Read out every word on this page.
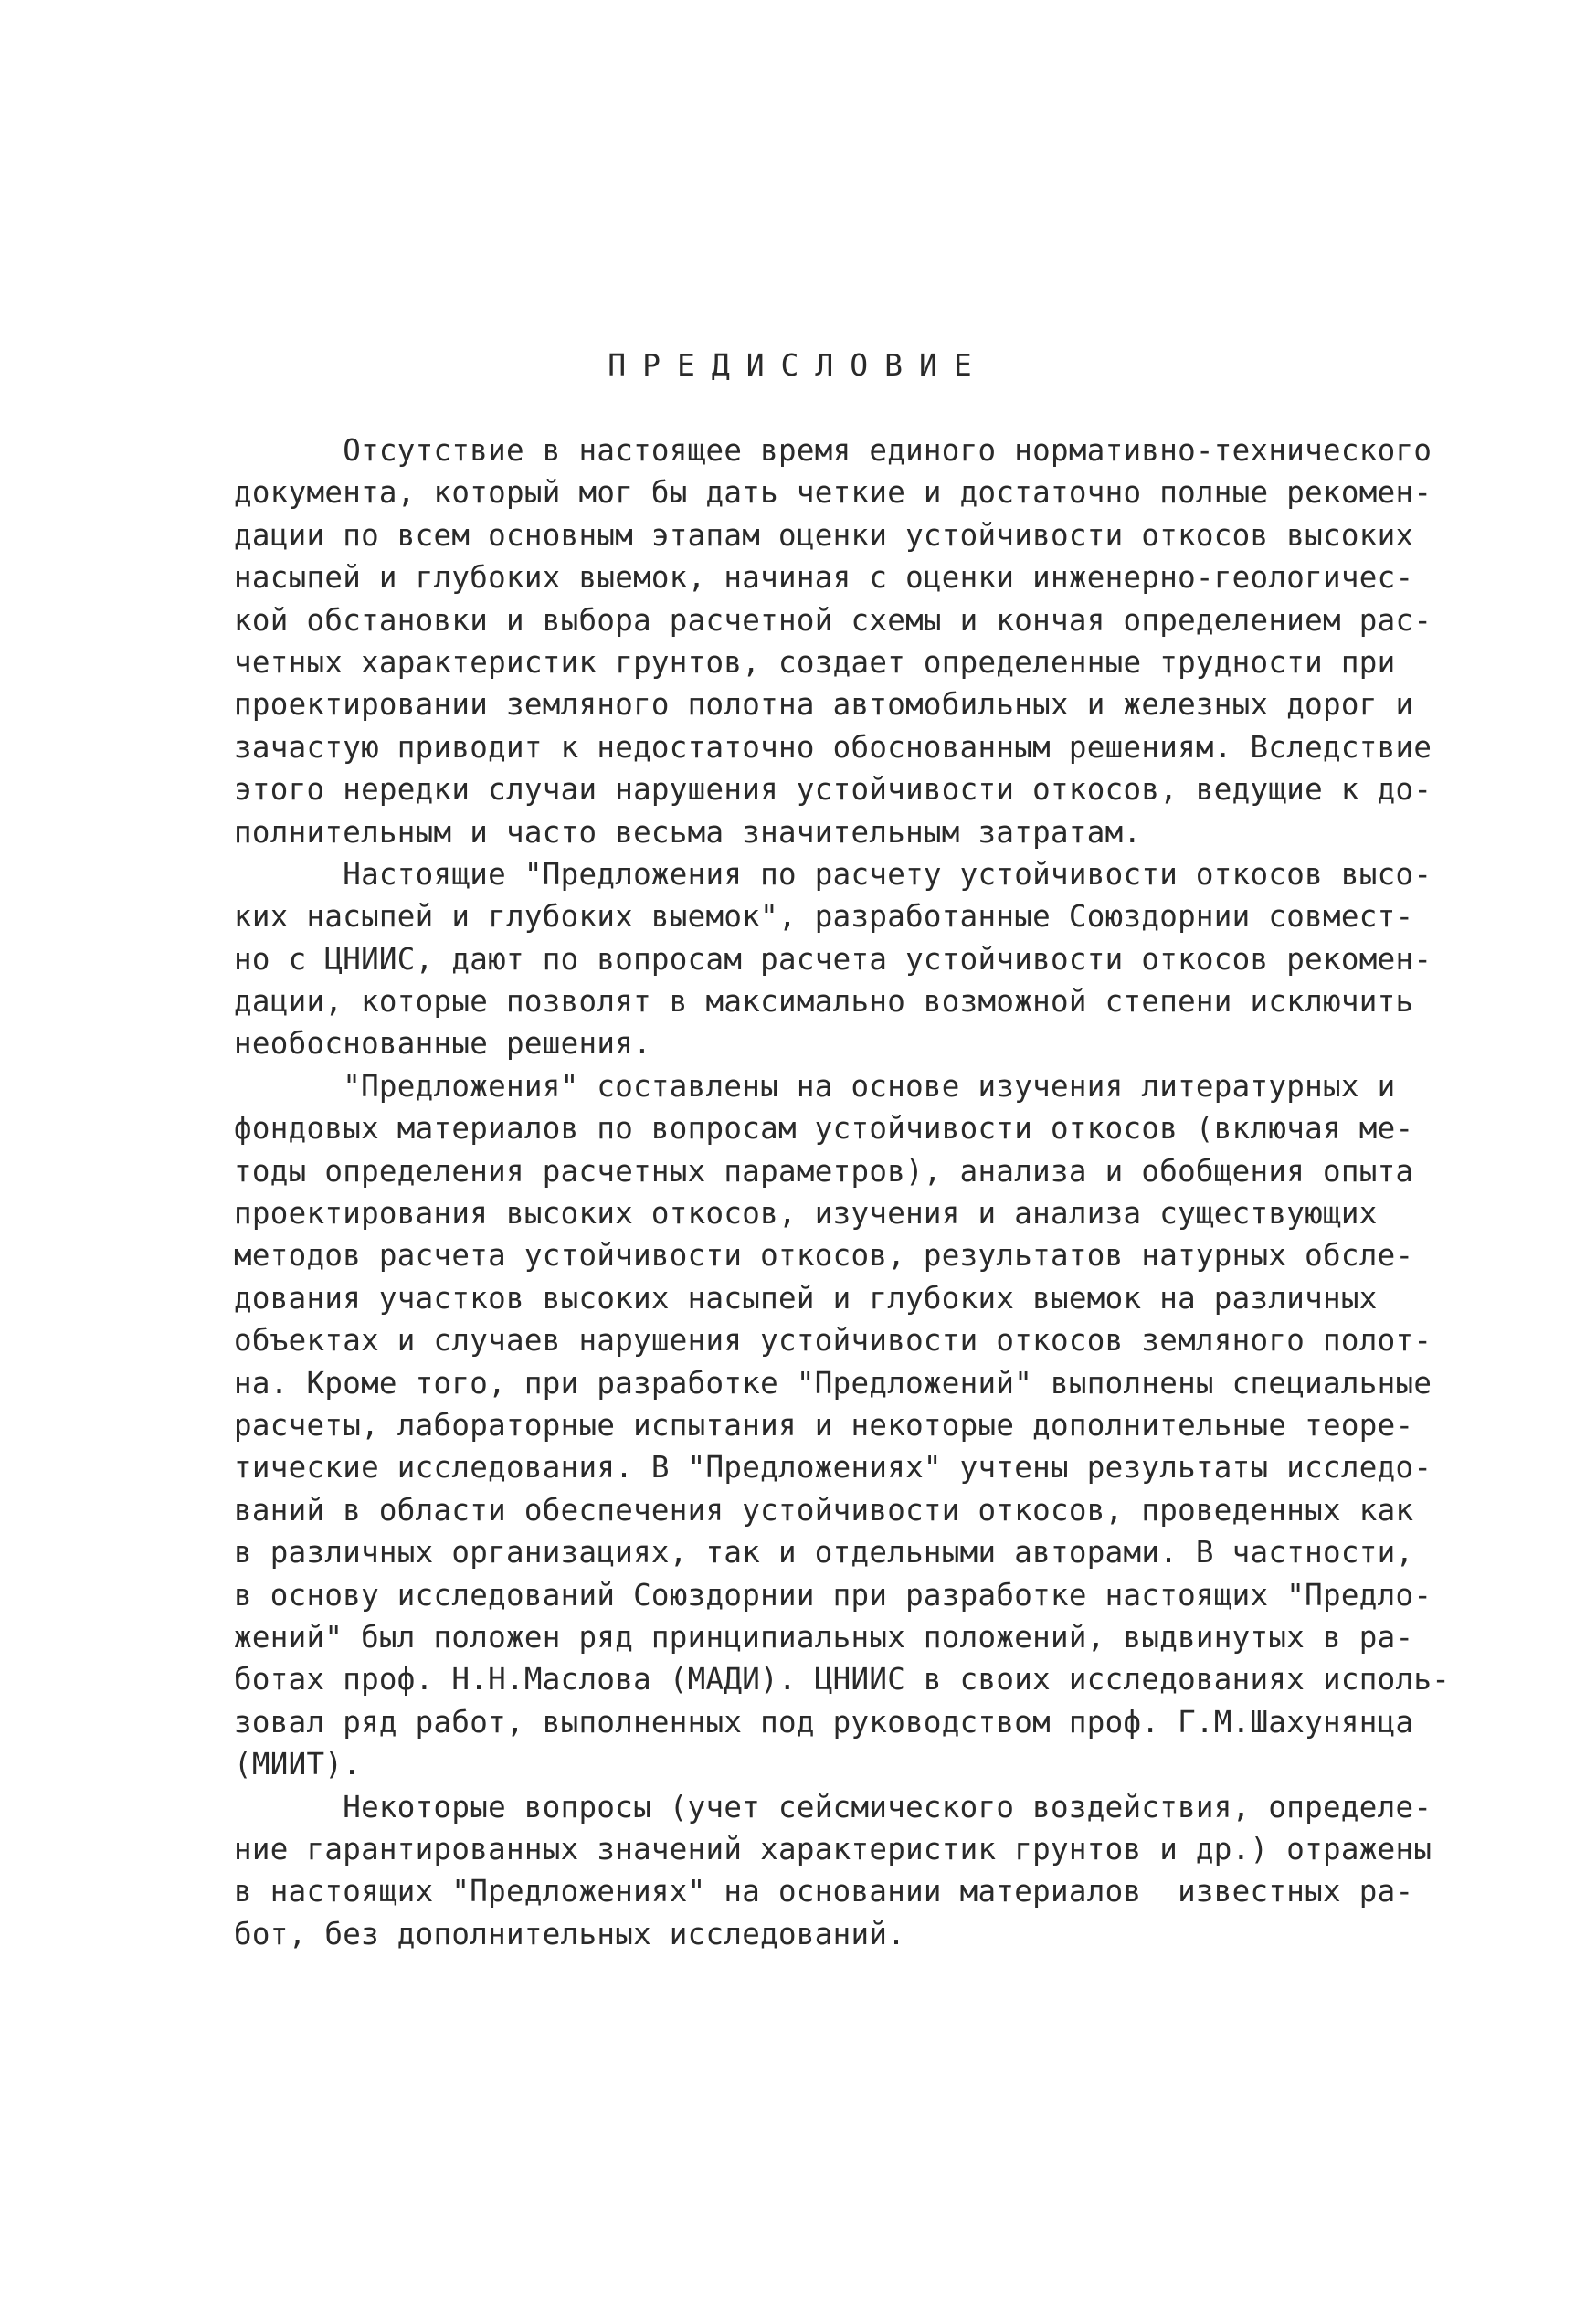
ПРЕДИСЛОВИЕ
Отсутствие в настоящее время единого нормативно-технического
документа, который мог бы дать четкие и достаточно полные рекомен-
дации по всем основным этапам оценки устойчивости откосов высоких
насыпей и глубоких выемок, начиная с оценки инженерно-геологичес-
кой обстановки и выбора расчетной схемы и кончая определением рас-
четных характеристик грунтов, создает определенные трудности при
проектировании земляного полотна автомобильных и железных дорог и
зачастую приводит к недостаточно обоснованным решениям. Вследствие
этого нередки случаи нарушения устойчивости откосов, ведущие к до-
полнительным и часто весьма значительным затратам.
Настоящие "Предложения по расчету устойчивости откосов высо-
ких насыпей и глубоких выемок", разработанные Союздорнии совмест-
но с ЦНИИС, дают по вопросам расчета устойчивости откосов рекомен-
дации, которые позволят в максимально возможной степени исключить
необоснованные решения.
"Предложения" составлены на основе изучения литературных и
фондовых материалов по вопросам устойчивости откосов (включая ме-
тоды определения расчетных параметров), анализа и обобщения опыта
проектирования высоких откосов, изучения и анализа существующих
методов расчета устойчивости откосов, результатов натурных обсле-
дования участков высоких насыпей и глубоких выемок на различных
объектах и случаев нарушения устойчивости откосов земляного полот-
на. Кроме того, при разработке "Предложений" выполнены специальные
расчеты, лабораторные испытания и некоторые дополнительные теоре-
тические исследования. В "Предложениях" учтены результаты исследо-
ваний в области обеспечения устойчивости откосов, проведенных как
в различных организациях, так и отдельными авторами. В частности,
в основу исследований Союздорнии при разработке настоящих "Предло-
жений" был положен ряд принципиальных положений, выдвинутых в ра-
ботах проф. Н.Н.Маслова (МАДИ). ЦНИИС в своих исследованиях исполь-
зовал ряд работ, выполненных под руководством проф. Г.М.Шахунянца
(МИИТ).
Некоторые вопросы (учет сейсмического воздействия, определе-
ние гарантированных значений характеристик грунтов и др.) отражены
в настоящих "Предложениях" на основании материалов  известных ра-
бот, без дополнительных исследований.
